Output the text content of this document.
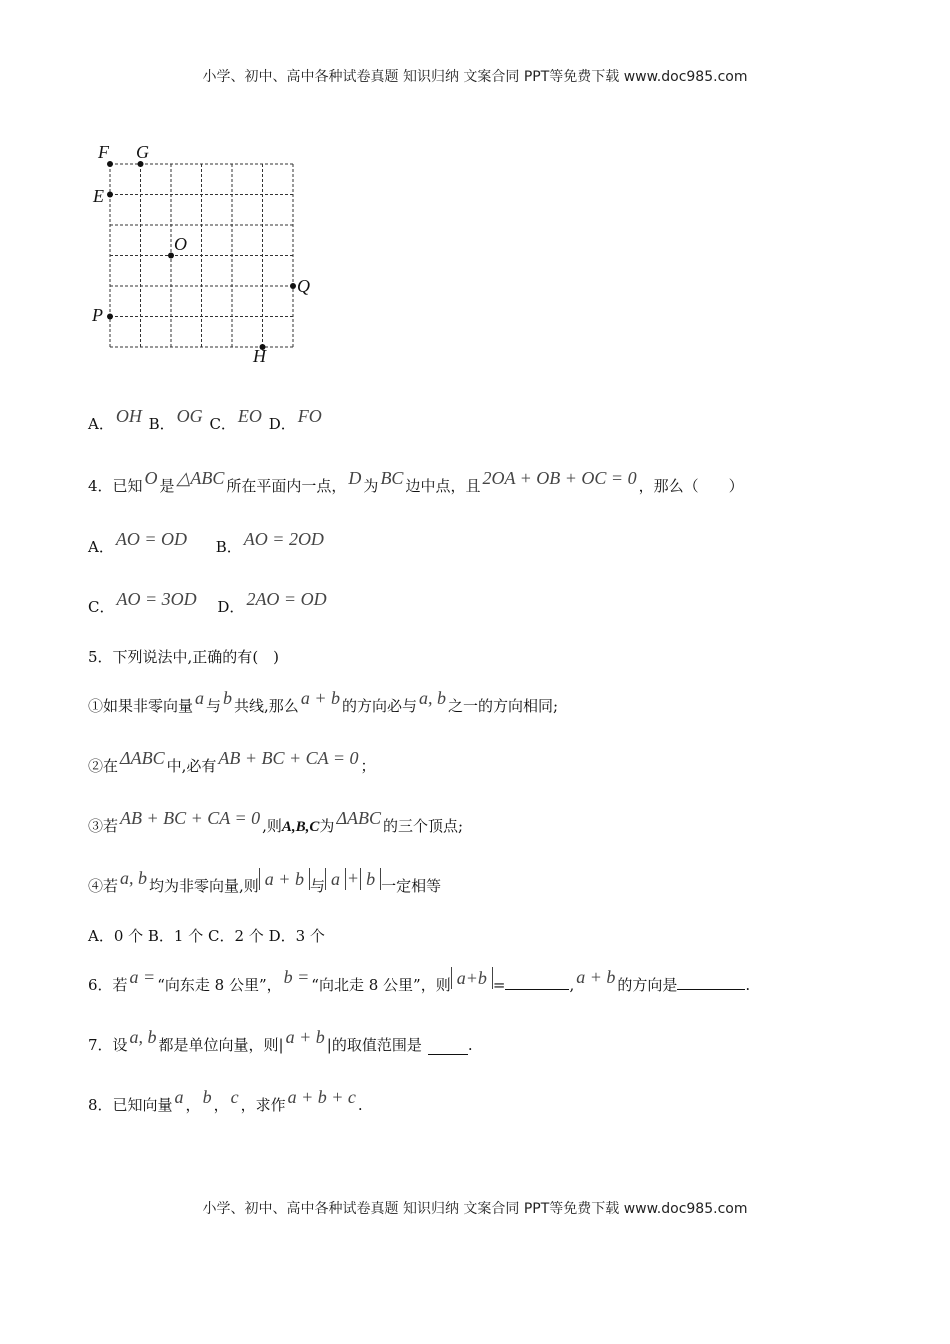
小学、初中、高中各种试卷真题 知识归纳 文案合同 PPT等免费下载 www.doc985.com
F G
E
O
Q
P
H
A． OH B． OG C． EO D． FO
4．已知 O 是 △ABC 所在平面内一点， D 为 BC 边中点，且 2OA + OB + OC = 0 ，那么（　　）
A． AO = OD B． AO = 2OD
C． AO = 3OD D． 2AO = OD
5．下列说法中,正确的有(　)
①如果非零向量 a 与 b 共线,那么 a + b 的方向必与 a, b 之一的方向相同;
②在 ΔABC 中,必有 AB + BC + CA = 0 ；
③若 AB + BC + CA = 0 ,则A,B,C为 ΔABC 的三个顶点;
④若 a, b 均为非零向量,则 a + b 与 a + b 一定相等
A．0 个 B．1 个 C．2 个 D．3 个
6．若 a = “向东走 8 公里”， b = “向北走 8 公里”，则 a+b =	, a + b 的方向是	.
7．设 a, b 都是单位向量，则| a + b |的取值范围是	.
8．已知向量 a ， b ， c ，求作 a + b + c .
小学、初中、高中各种试卷真题 知识归纳 文案合同 PPT等免费下载 www.doc985.com
